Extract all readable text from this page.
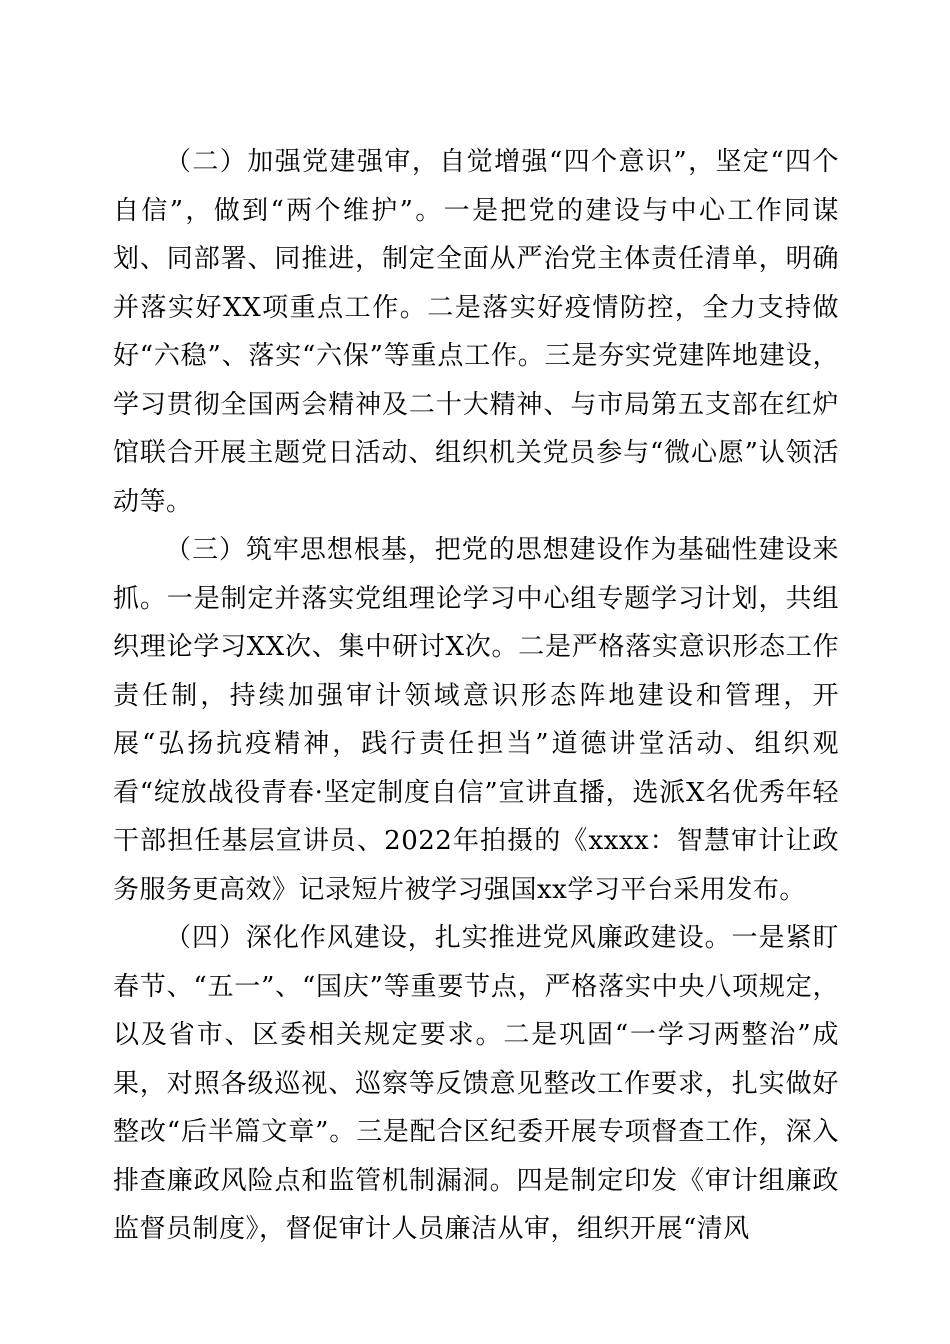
（二）加强党建强审，自觉增强“四个意识”，坚定“四个自信”，做到“两个维护”。一是把党的建设与中心工作同谋划、同部署、同推进，制定全面从严治党主体责任清单，明确并落实好XX项重点工作。二是落实好疫情防控，全力支持做好“六稳”、落实“六保”等重点工作。三是夯实党建阵地建设，学习贯彻全国两会精神及二十大精神、与市局第五支部在红炉馆联合开展主题党日活动、组织机关党员参与“微心愿”认领活动等。

（三）筑牢思想根基，把党的思想建设作为基础性建设来抓。一是制定并落实党组理论学习中心组专题学习计划，共组织理论学习XX次、集中研讨X次。二是严格落实意识形态工作责任制，持续加强审计领域意识形态阵地建设和管理，开展“弘扬抗疫精神，践行责任担当”道德讲堂活动、组织观看“绽放战役青春·坚定制度自信”宣讲直播，选派X名优秀年轻干部担任基层宣讲员、2022年拍摄的《xxxx：智慧审计让政务服务更高效》记录短片被学习强国xx学习平台采用发布。

（四）深化作风建设，扎实推进党风廉政建设。一是紧盯春节、“五一”、“国庆”等重要节点，严格落实中央八项规定，以及省市、区委相关规定要求。二是巩固“一学习两整治”成果，对照各级巡视、巡察等反馈意见整改工作要求，扎实做好整改“后半篇文章”。三是配合区纪委开展专项督查工作，深入排查廉政风险点和监管机制漏洞。四是制定印发《审计组廉政监督员制度》，督促审计人员廉洁从审，组织开展“清风
